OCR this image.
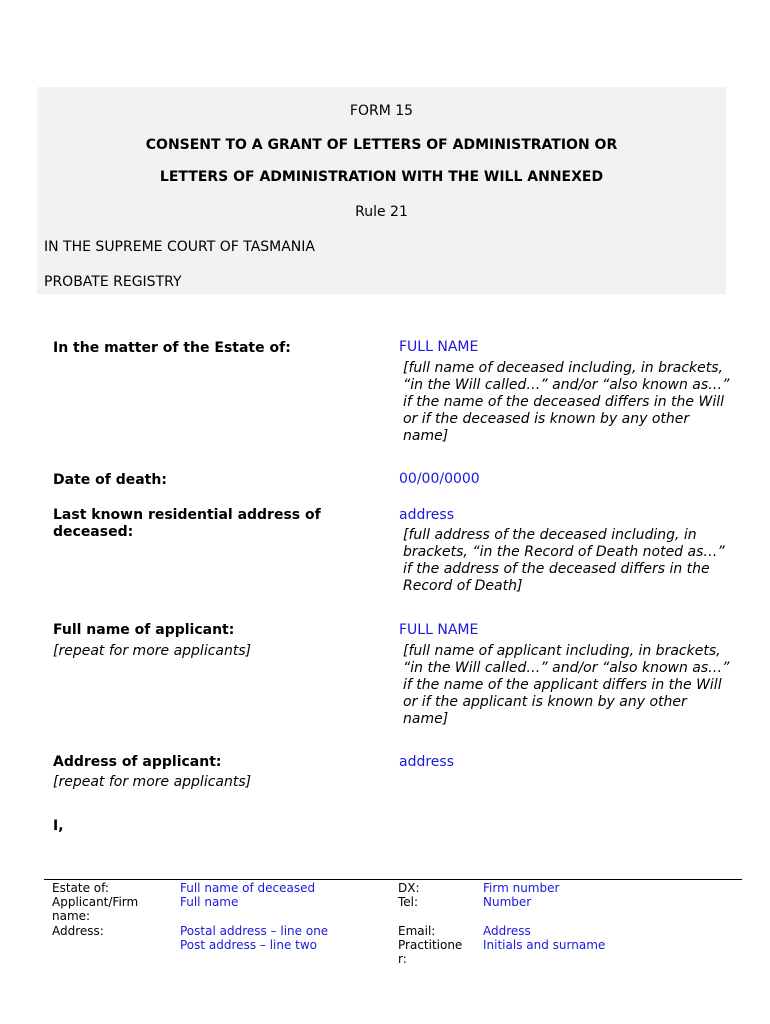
FORM 15
CONSENT TO A GRANT OF LETTERS OF ADMINISTRATION OR
LETTERS OF ADMINISTRATION WITH THE WILL ANNEXED
Rule 21
IN THE SUPREME COURT OF TASMANIA
PROBATE REGISTRY
In the matter of the Estate of:	FULL NAME
[full name of deceased including, in brackets, “in the Will called…” and/or “also known as…” if the name of the deceased differs in the Will or if the deceased is known by any other name]
Date of death:	00/00/0000
Last known residential address of deceased:
address
[full address of the deceased including, in brackets, “in the Record of Death noted as…” if the address of the deceased differs in the Record of Death]
Full name of applicant:
[repeat for more applicants]
FULL NAME
[full name of applicant including, in brackets, “in the Will called…” and/or “also known as…” if the name of the applicant differs in the Will or if the applicant is known by any other name]
Address of applicant:
[repeat for more applicants]
address
I,
Estate of:
Applicant/Firm name:
Address:
Full name of deceased
Full name
Postal address – line one
Post address – line two
DX:
Tel:
Email:
Practitioner:
Firm number
Number
Address
Initials and surname
